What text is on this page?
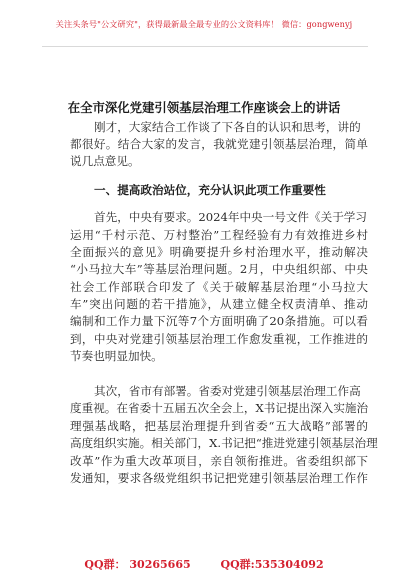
关注头条号"公文研究"，获得最新最全最专业的公文资料库！ 微信：gongwenyj
在全市深化党建引领基层治理工作座谈会上的讲话
刚才，大家结合工作谈了下各自的认识和思考，讲的
都很好。结合大家的发言，我就党建引领基层治理，简单
说几点意见。
一、提高政治站位，充分认识此项工作重要性
首先，中央有要求。2024年中央一号文件《关于学习
运用“千村示范、万村整治”工程经验有力有效推进乡村
全面振兴的意见》明确要提升乡村治理水平，推动解决
“小马拉大车”等基层治理问题。2月，中央组织部、中央
社会工作部联合印发了《关于破解基层治理“小马拉大
车”突出问题的若干措施》，从建立健全权责清单、推动
编制和工作力量下沉等7个方面明确了20条措施。可以看
到，中央对党建引领基层治理工作愈发重视，工作推进的
节奏也明显加快。
其次，省市有部署。省委对党建引领基层治理工作高
度重视。在省委十五届五次全会上，X书记提出深入实施治
理强基战略，把基层治理提升到省委“五大战略”部署的
高度组织实施。相关部门，X.书记把“推进党建引领基层治理
改革”作为重大改革项目，亲自领衔推进。省委组织部下
发通知，要求各级党组织书记把党建引领基层治理工作作
QQ群： 30265665	QQ群:535304092
